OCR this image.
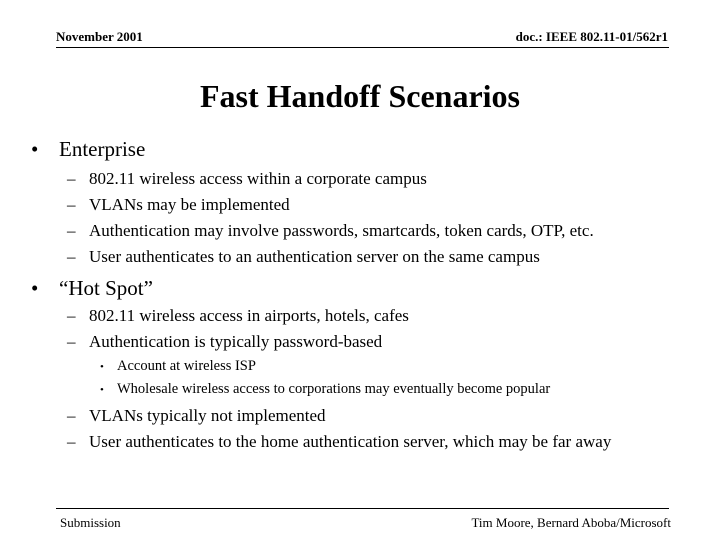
November 2001	doc.: IEEE 802.11-01/562r1
Fast Handoff Scenarios
• Enterprise
– 802.11 wireless access within a corporate campus
– VLANs may be implemented
– Authentication may involve passwords, smartcards, token cards, OTP, etc.
– User authenticates to an authentication server on the same campus
• “Hot Spot”
– 802.11 wireless access in airports, hotels, cafes
– Authentication is typically password-based
• Account at wireless ISP
• Wholesale wireless access to corporations may eventually become popular
– VLANs typically not implemented
– User authenticates to the home authentication server, which may be far away
Submission	Tim Moore, Bernard Aboba/Microsoft
